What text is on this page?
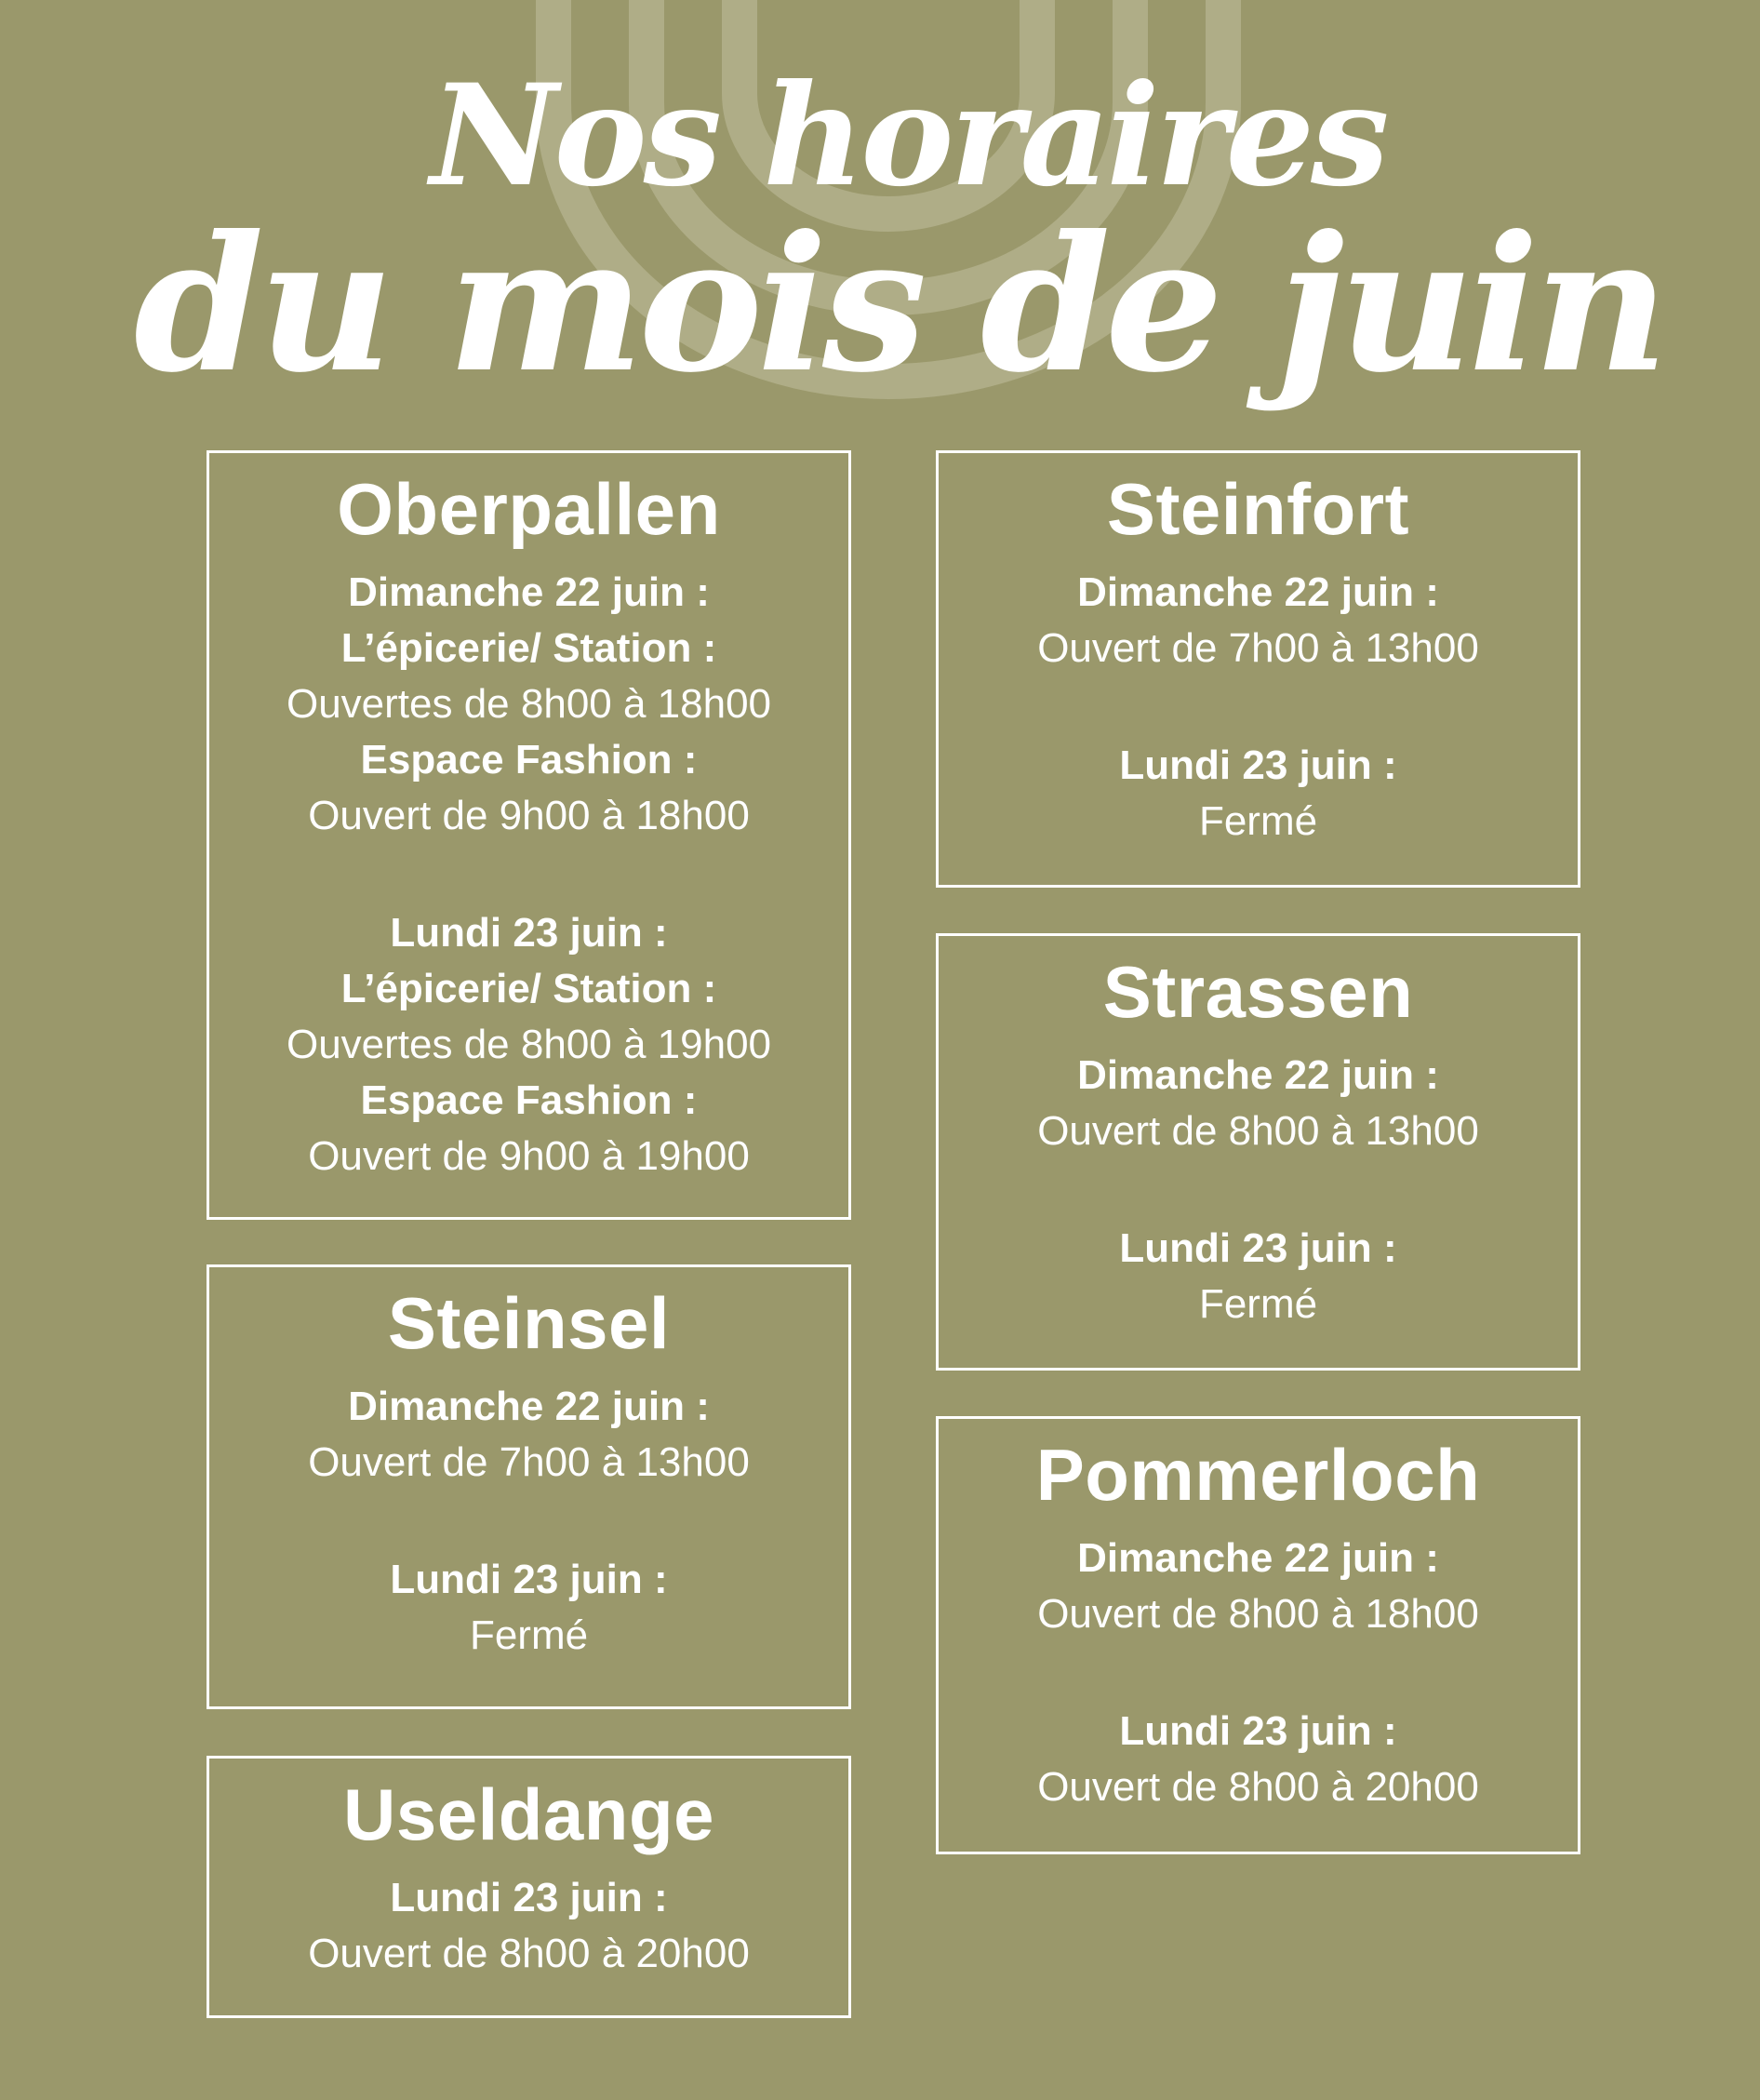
Nos horaires
du mois de juin
Oberpallen
Dimanche 22 juin :
L’épicerie/ Station :
Ouvertes de 8h00 à 18h00
Espace Fashion :
Ouvert de 9h00 à 18h00
Lundi 23 juin :
L’épicerie/ Station :
Ouvertes de 8h00 à 19h00
Espace Fashion :
Ouvert de 9h00 à 19h00
Steinsel
Dimanche 22 juin :
Ouvert de 7h00 à 13h00
Lundi 23 juin :
Fermé
Useldange
Lundi 23 juin :
Ouvert de 8h00 à 20h00
Steinfort
Dimanche 22 juin :
Ouvert de 7h00 à 13h00
Lundi 23 juin :
Fermé
Strassen
Dimanche 22 juin :
Ouvert de 8h00 à 13h00
Lundi 23 juin :
Fermé
Pommerloch
Dimanche 22 juin :
Ouvert de 8h00 à 18h00
Lundi 23 juin :
Ouvert de 8h00 à 20h00
